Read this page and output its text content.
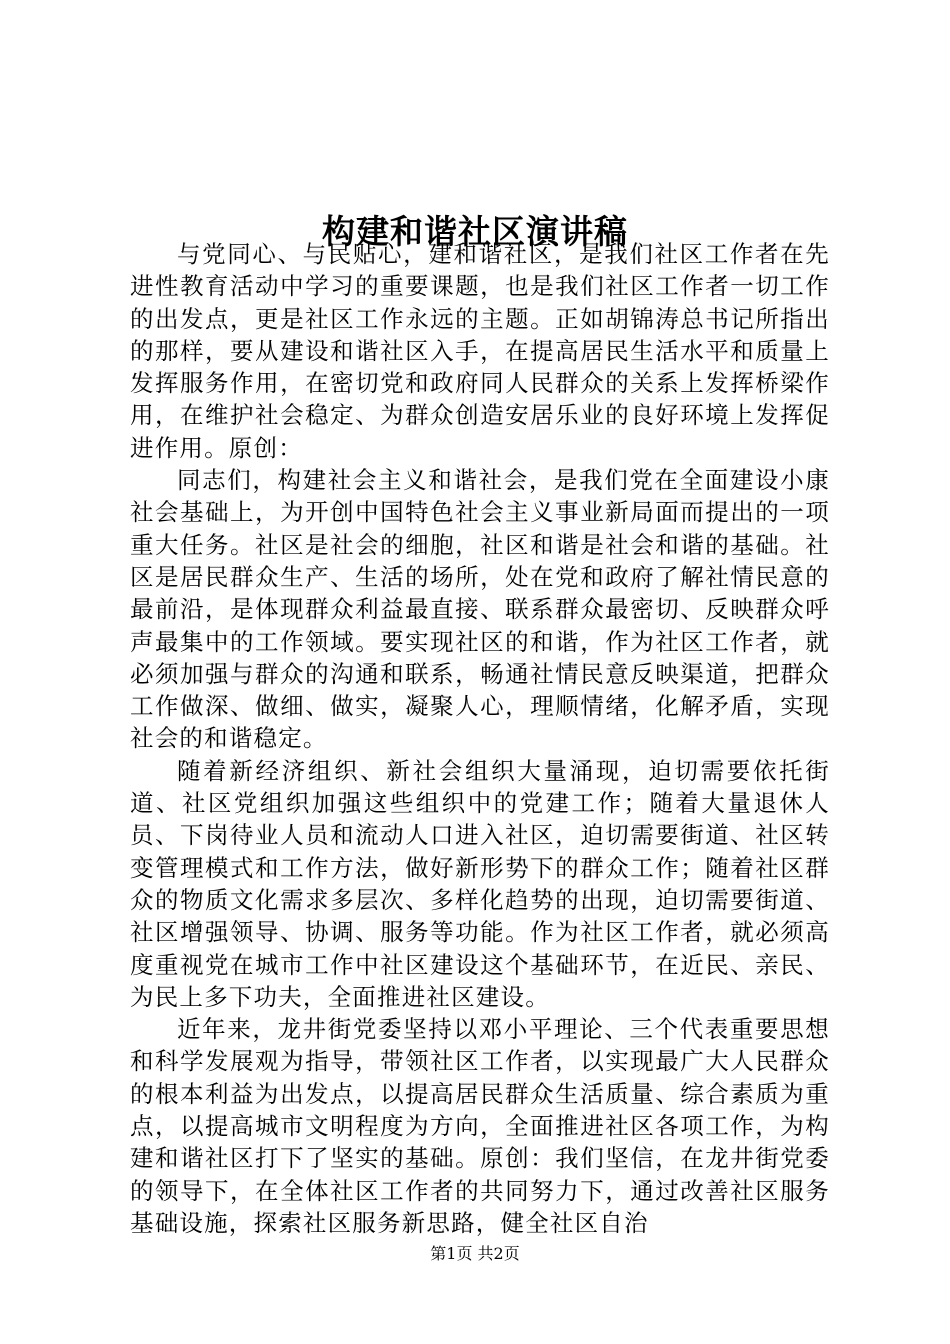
构建和谐社区演讲稿

与党同心、与民贴心，建和谐社区，是我们社区工作者在先进性教育活动中学习的重要课题，也是我们社区工作者一切工作的出发点，更是社区工作永远的主题。正如胡锦涛总书记所指出的那样，要从建设和谐社区入手，在提高居民生活水平和质量上发挥服务作用，在密切党和政府同人民群众的关系上发挥桥梁作用，在维护社会稳定、为群众创造安居乐业的良好环境上发挥促进作用。原创：

同志们，构建社会主义和谐社会，是我们党在全面建设小康社会基础上，为开创中国特色社会主义事业新局面而提出的一项重大任务。社区是社会的细胞，社区和谐是社会和谐的基础。社区是居民群众生产、生活的场所，处在党和政府了解社情民意的最前沿，是体现群众利益最直接、联系群众最密切、反映群众呼声最集中的工作领域。要实现社区的和谐，作为社区工作者，就必须加强与群众的沟通和联系，畅通社情民意反映渠道，把群众工作做深、做细、做实，凝聚人心，理顺情绪，化解矛盾，实现社会的和谐稳定。

随着新经济组织、新社会组织大量涌现，迫切需要依托街道、社区党组织加强这些组织中的党建工作；随着大量退休人员、下岗待业人员和流动人口进入社区，迫切需要街道、社区转变管理模式和工作方法，做好新形势下的群众工作；随着社区群众的物质文化需求多层次、多样化趋势的出现，迫切需要街道、社区增强领导、协调、服务等功能。作为社区工作者，就必须高度重视党在城市工作中社区建设这个基础环节，在近民、亲民、为民上多下功夫，全面推进社区建设。

近年来，龙井街党委坚持以邓小平理论、三个代表重要思想和科学发展观为指导，带领社区工作者，以实现最广大人民群众的根本利益为出发点，以提高居民群众生活质量、综合素质为重点，以提高城市文明程度为方向，全面推进社区各项工作，为构建和谐社区打下了坚实的基础。原创：我们坚信，在龙井街党委的领导下，在全体社区工作者的共同努力下，通过改善社区服务基础设施，探索社区服务新思路，健全社区自治

第1页 共2页
